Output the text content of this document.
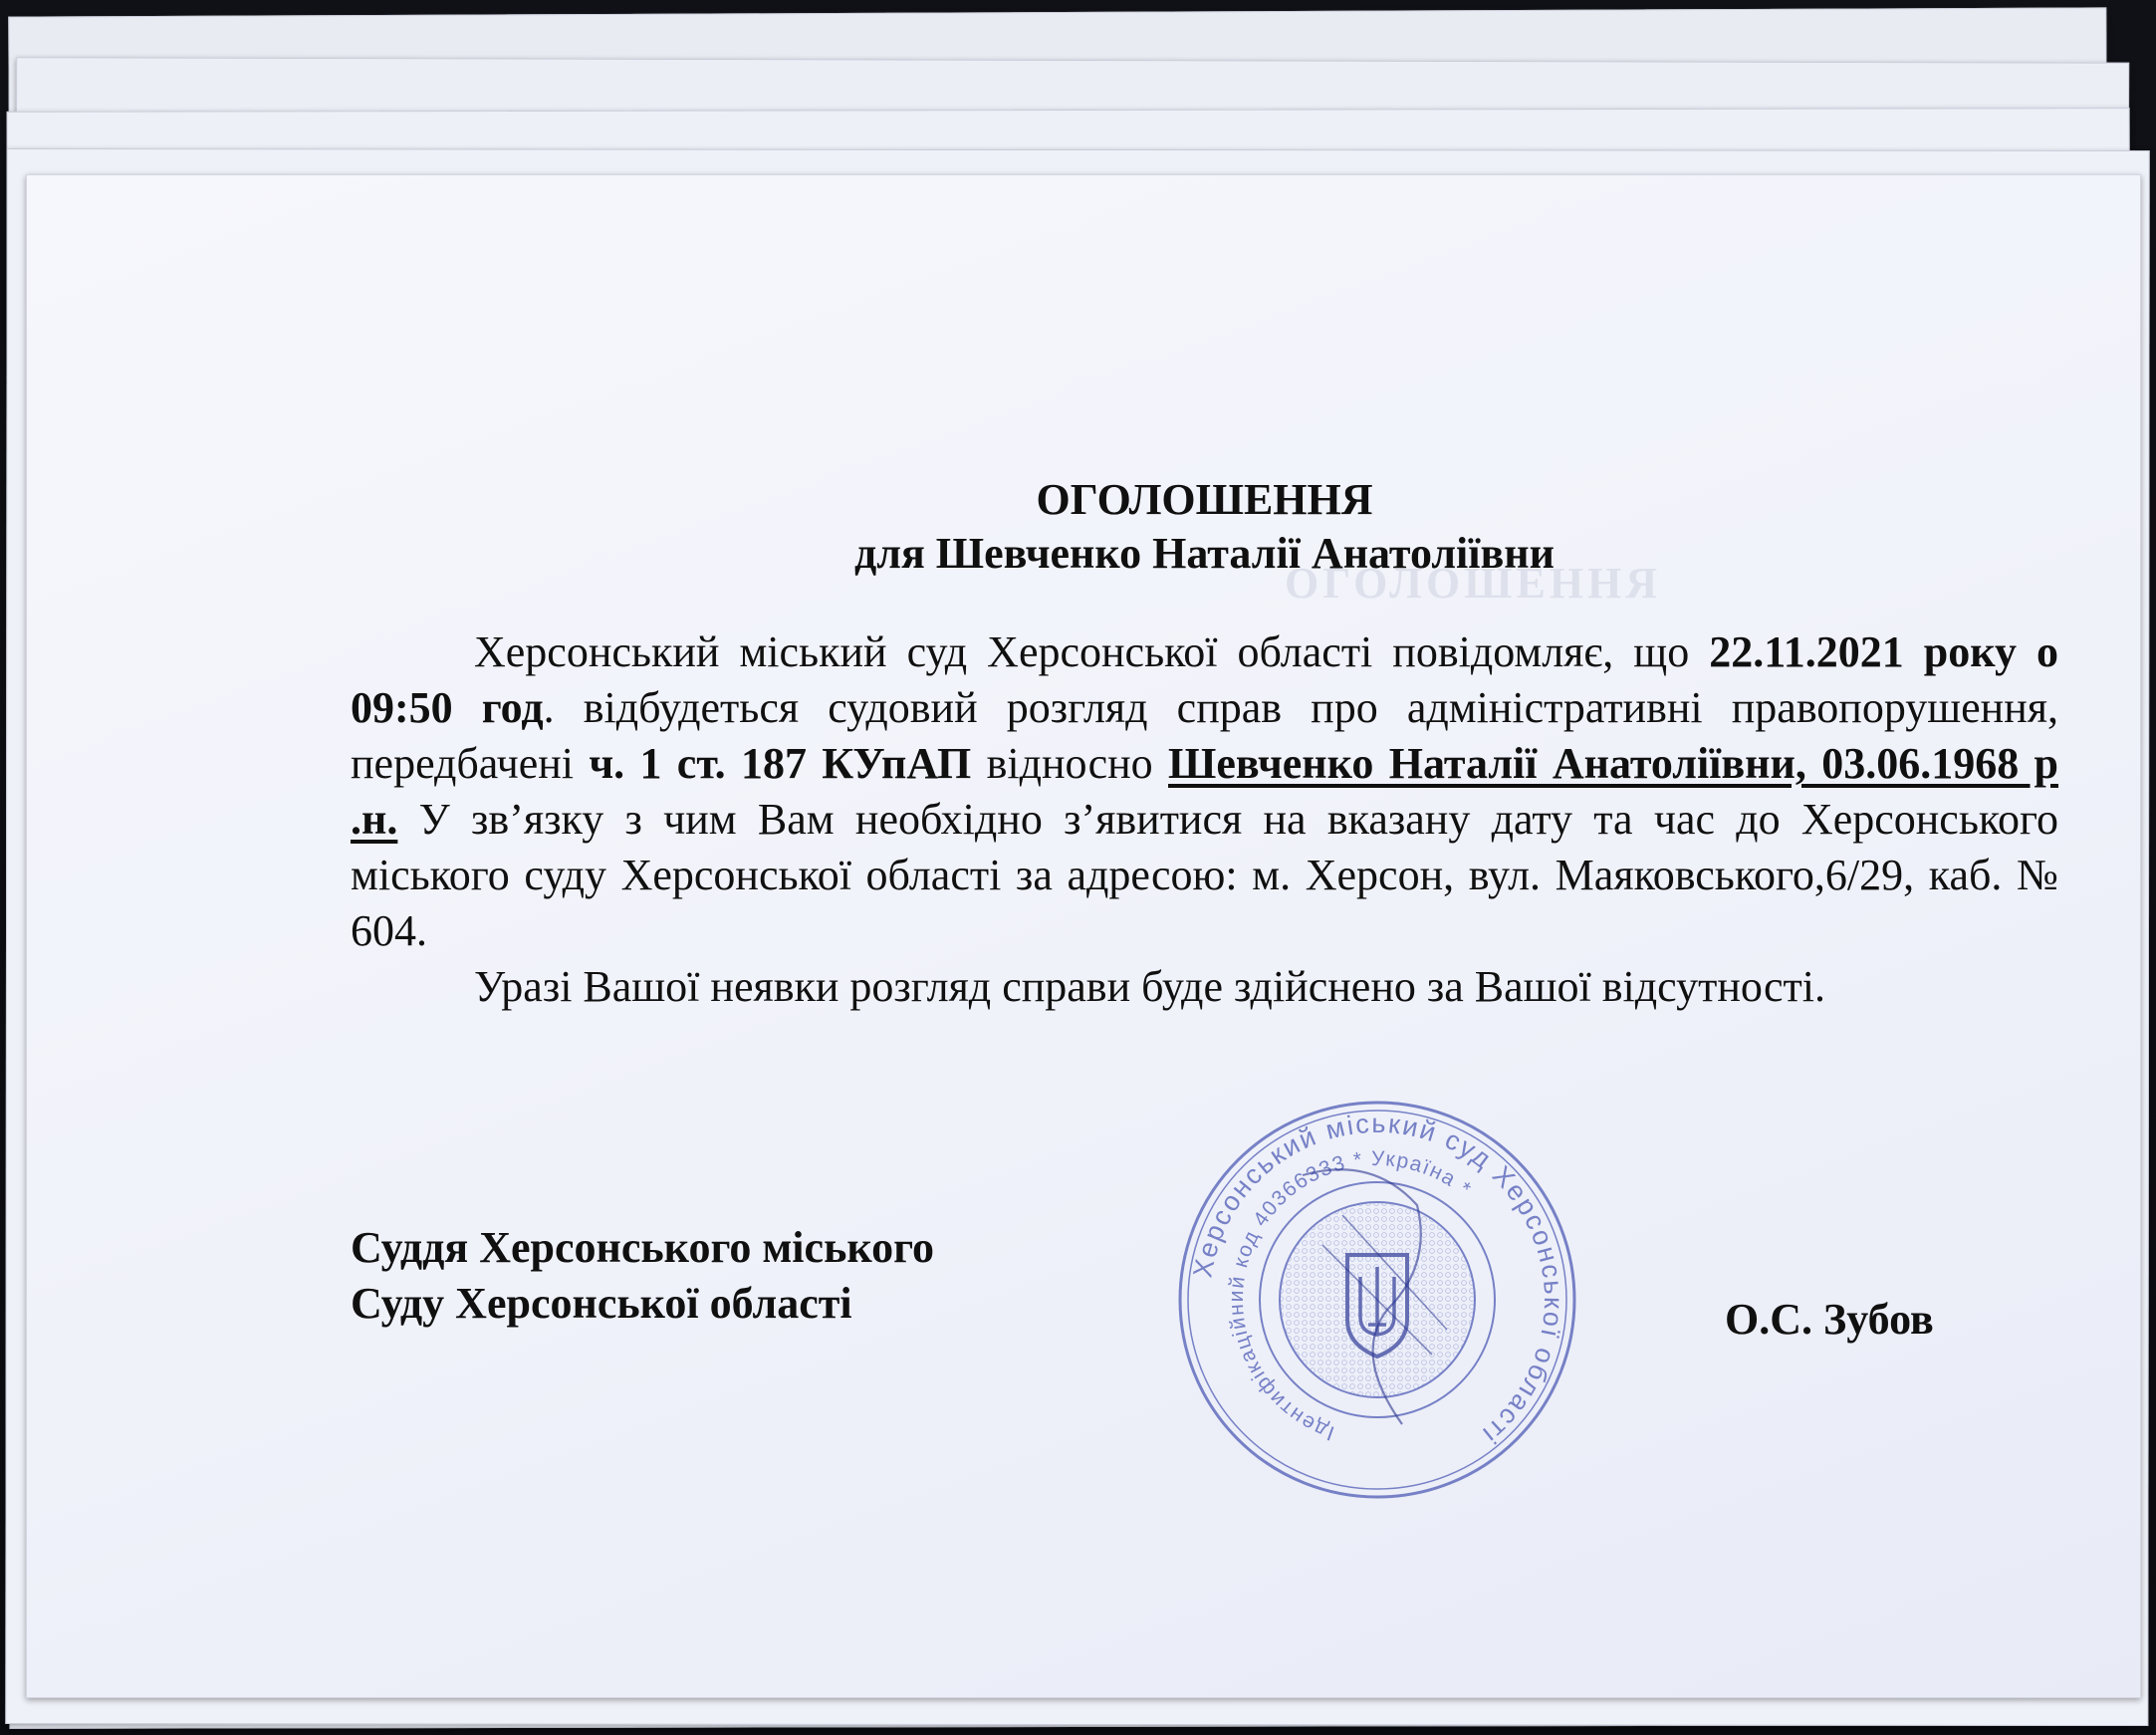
ОГОЛОШЕННЯ

ОГОЛОШЕННЯ

для Шевченко Наталії Анатоліївни

Херсонський міський суд Херсонської області повідомляє, що 22.11.2021 року о 09:50 год. відбудеться судовий розгляд справ про адміністративні правопорушення, передбачені ч. 1 ст. 187 КУпАП відносно Шевченко Наталії Анатоліївни, 03.06.1968 р .н. У зв’язку з чим Вам необхідно з’явитися на вказану дату та час до Херсонського міського суду Херсонської області за адресою: м. Херсон, вул. Маяковського,6/29, каб. № 604.

Уразі Вашої неявки розгляд справи буде здійснено за Вашої відсутності.

Суддя Херсонського міського
Суду Херсонської області	О.С. Зубов
Херсонський міський суд Херсонської області
Ідентифікаційний код 40366333 * Україна *
